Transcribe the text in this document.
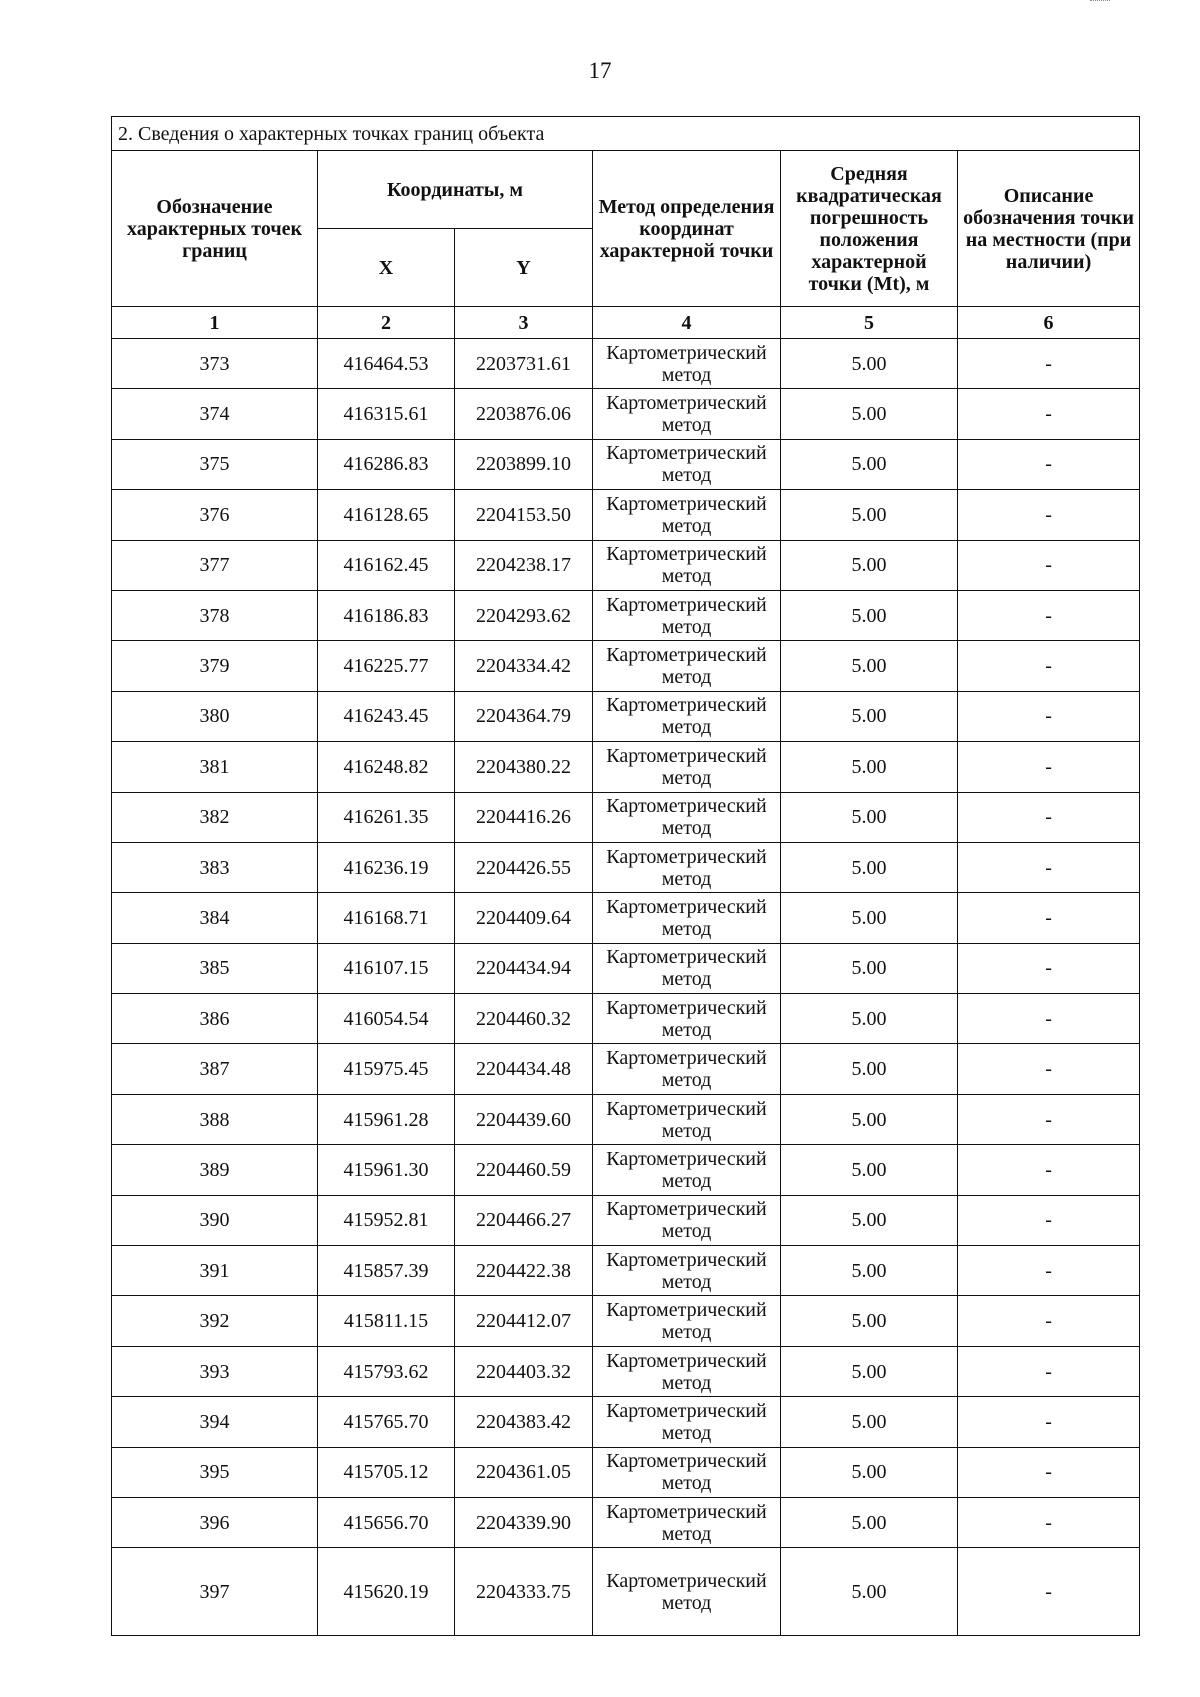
17
2. Сведения о характерных точках границ объекта					
Обозначение характерных точек границ	Координаты, м		Метод определения координат характерной точки	Средняя квадратическая погрешность положения характерной точки (Mt), м	Описание обозначения точки на местности (при наличии)
	X	Y			
1	2	3	4	5	6
373	416464.53	2203731.61	Картометрический метод	5.00	-
374	416315.61	2203876.06	Картометрический метод	5.00	-
375	416286.83	2203899.10	Картометрический метод	5.00	-
376	416128.65	2204153.50	Картометрический метод	5.00	-
377	416162.45	2204238.17	Картометрический метод	5.00	-
378	416186.83	2204293.62	Картометрический метод	5.00	-
379	416225.77	2204334.42	Картометрический метод	5.00	-
380	416243.45	2204364.79	Картометрический метод	5.00	-
381	416248.82	2204380.22	Картометрический метод	5.00	-
382	416261.35	2204416.26	Картометрический метод	5.00	-
383	416236.19	2204426.55	Картометрический метод	5.00	-
384	416168.71	2204409.64	Картометрический метод	5.00	-
385	416107.15	2204434.94	Картометрический метод	5.00	-
386	416054.54	2204460.32	Картометрический метод	5.00	-
387	415975.45	2204434.48	Картометрический метод	5.00	-
388	415961.28	2204439.60	Картометрический метод	5.00	-
389	415961.30	2204460.59	Картометрический метод	5.00	-
390	415952.81	2204466.27	Картометрический метод	5.00	-
391	415857.39	2204422.38	Картометрический метод	5.00	-
392	415811.15	2204412.07	Картометрический метод	5.00	-
393	415793.62	2204403.32	Картометрический метод	5.00	-
394	415765.70	2204383.42	Картометрический метод	5.00	-
395	415705.12	2204361.05	Картометрический метод	5.00	-
396	415656.70	2204339.90	Картометрический метод	5.00	-
397	415620.19	2204333.75	Картометрический метод	5.00	-
